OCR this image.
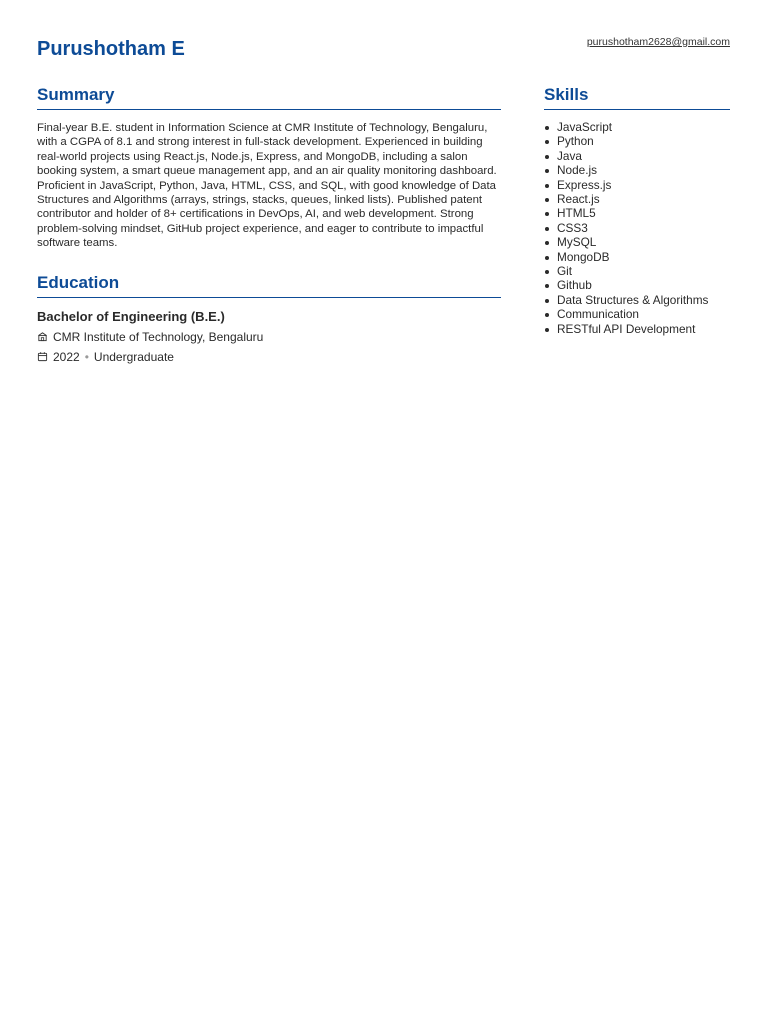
Purushotham E	purushotham2628@gmail.com
Summary

Final-year B.E. student in Information Science at CMR Institute of Technology, Bengaluru, with a CGPA of 8.1 and strong interest in full-stack development. Experienced in building real-world projects using React.js, Node.js, Express, and MongoDB, including a salon booking system, a smart queue management app, and an air quality monitoring dashboard.

Proficient in JavaScript, Python, Java, HTML, CSS, and SQL, with good knowledge of Data Structures and Algorithms (arrays, strings, stacks, queues, linked lists). Published patent contributor and holder of 8+ certifications in DevOps, AI, and web development. Strong problem-solving mindset, GitHub project experience, and eager to contribute to impactful software teams.

Education
Bachelor of Engineering (B.E.)
CMR Institute of Technology, Bengaluru
2022 • Undergraduate
Skills
JavaScript
Python
Java
Node.js
Express.js
React.js
HTML5
CSS3
MySQL
MongoDB
Git
Github
Data Structures & Algorithms
Communication
RESTful API Development
